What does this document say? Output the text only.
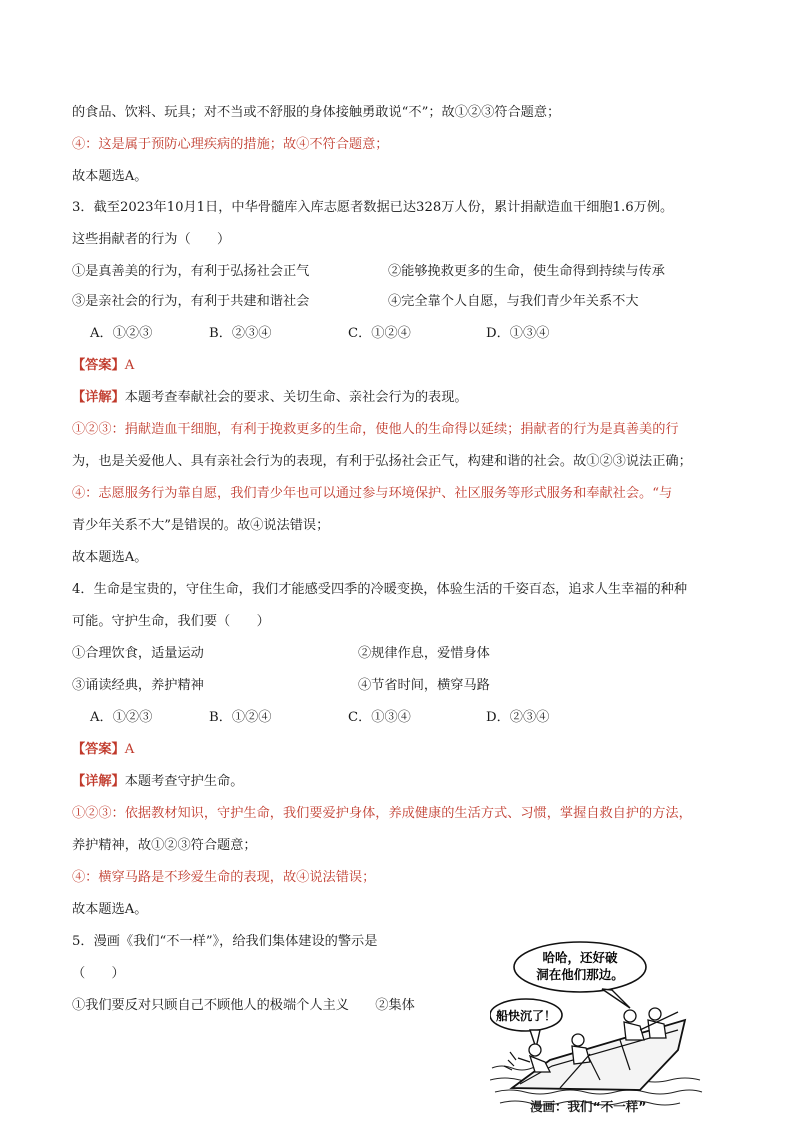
的食品、饮料、玩具；对不当或不舒服的身体接触勇敢说“不”；故①②③符合题意；
④：这是属于预防心理疾病的措施；故④不符合题意；
故本题选A。
3．截至2023年10月1日，中华骨髓库入库志愿者数据已达328万人份，累计捐献造血干细胞1.6万例。
这些捐献者的行为（　　）
①是真善美的行为，有利于弘扬社会正气	②能够挽救更多的生命，使生命得到持续与传承
③是亲社会的行为，有利于共建和谐社会	④完全靠个人自愿，与我们青少年关系不大
A．①②③	B．②③④	C．①②④	D．①③④
【答案】A
【详解】本题考查奉献社会的要求、关切生命、亲社会行为的表现。
①②③：捐献造血干细胞，有利于挽救更多的生命，使他人的生命得以延续；捐献者的行为是真善美的行
为，也是关爱他人、具有亲社会行为的表现，有利于弘扬社会正气，构建和谐的社会。故①②③说法正确；
④：志愿服务行为靠自愿，我们青少年也可以通过参与环境保护、社区服务等形式服务和奉献社会。“与
青少年关系不大”是错误的。故④说法错误；
故本题选A。
4．生命是宝贵的，守住生命，我们才能感受四季的冷暖变换，体验生活的千姿百态，追求人生幸福的种种
可能。守护生命，我们要（　　）
①合理饮食，适量运动	②规律作息，爱惜身体
③诵读经典，养护精神	④节省时间，横穿马路
A．①②③	B．①②④	C．①③④	D．②③④
【答案】A
【详解】本题考查守护生命。
①②③：依据教材知识，守护生命，我们要爱护身体，养成健康的生活方式、习惯，掌握自救自护的方法，
养护精神，故①②③符合题意；
④：横穿马路是不珍爱生命的表现，故④说法错误；
故本题选A。
5．漫画《我们“不一样”》，给我们集体建设的警示是
（　　）
①我们要反对只顾自己不顾他人的极端个人主义　　②集体
哈哈，还好破
洞在他们那边。
船快沉了！
漫画：我们“不一样”
